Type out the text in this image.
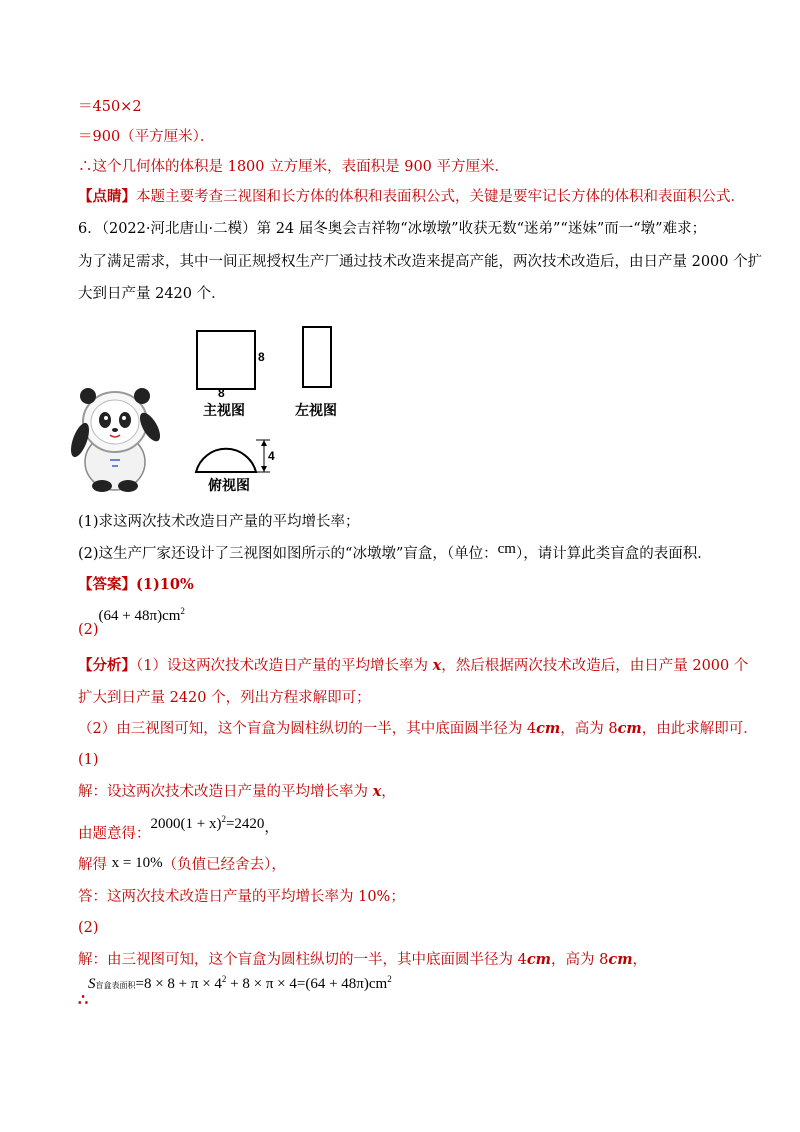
＝450×2
＝900（平方厘米）．
∴这个几何体的体积是 1800 立方厘米，表面积是 900 平方厘米．
【点睛】本题主要考查三视图和长方体的体积和表面积公式，关键是要牢记长方体的体积和表面积公式．
6．（2022·河北唐山·二模）第 24 届冬奥会吉祥物“冰墩墩”收获无数“迷弟”“迷妹”而一“墩”难求；
为了满足需求，其中一间正规授权生产厂通过技术改造来提高产能，两次技术改造后，由日产量 2000 个扩
大到日产量 2420 个．
8
8
主视图	左视图
4
俯视图
(1)求这两次技术改造日产量的平均增长率；
(2)这生产厂家还设计了三视图如图所示的“冰墩墩”盲盒，（单位：cm），请计算此类盲盒的表面积．
【答案】(1)10%
$(2)(64 + 48\pi)cm^2$
【分析】（1）设这两次技术改造日产量的平均增长率为 x，然后根据两次技术改造后，由日产量 2000 个
扩大到日产量 2420 个，列出方程求解即可；
（2）由三视图可知，这个盲盒为圆柱纵切的一半，其中底面圆半径为 4cm，高为 8cm，由此求解即可．
(1)
解：设这两次技术改造日产量的平均增长率为 x，
由题意得：$2000(1 + x)^2=2420$，
解得 x = 10%（负值已经舍去），
答：这两次技术改造日产量的平均增长率为 10%；
(2)
解：由三视图可知，这个盲盒为圆柱纵切的一半，其中底面圆半径为 4cm，高为 8cm，
S盲盒表面积$=8 \times 8 + \pi \times 4^2 + 8 \times \pi \times 4=(64 + 48\pi)cm^2$
∴
